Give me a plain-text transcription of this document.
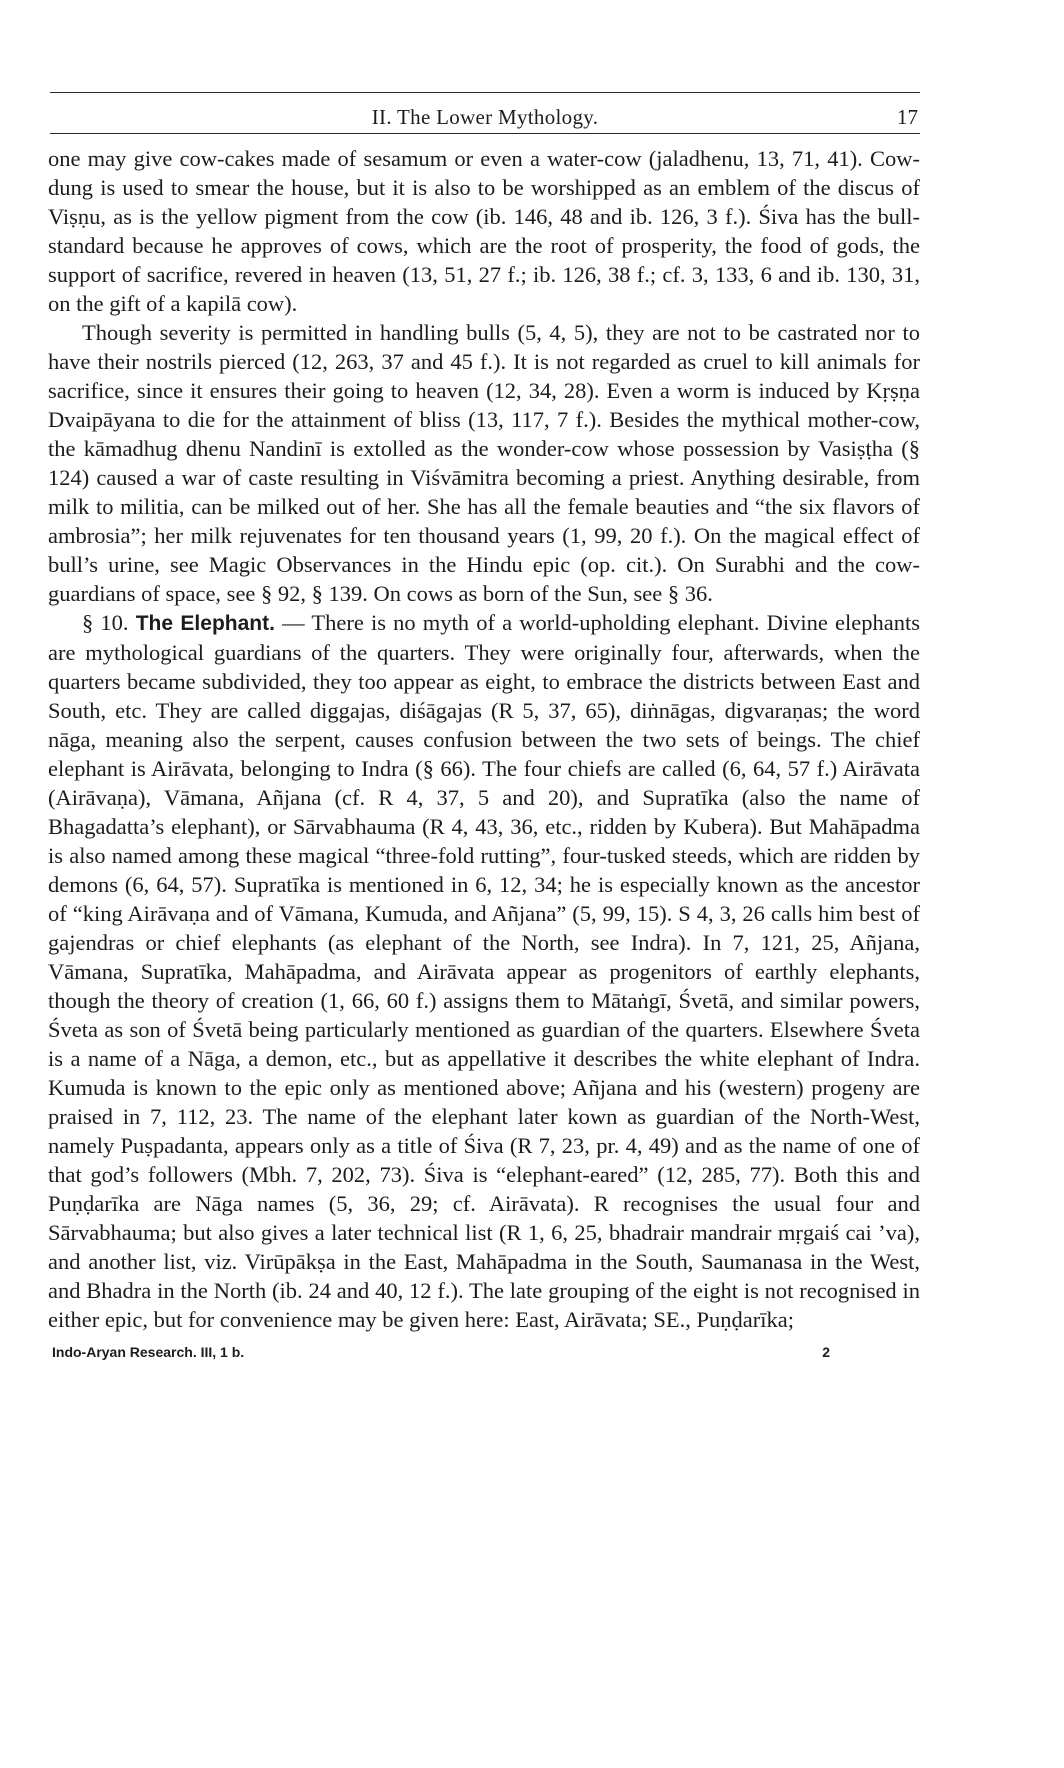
II. The Lower Mythology.	17

one may give cow-cakes made of sesamum or even a water-cow (jaladhenu, 13, 71, 41). Cow-dung is used to smear the house, but it is also to be worshipped as an emblem of the discus of Viṣṇu, as is the yellow pigment from the cow (ib. 146, 48 and ib. 126, 3 f.). Śiva has the bull-standard because he approves of cows, which are the root of prosperity, the food of gods, the support of sacrifice, revered in heaven (13, 51, 27 f.; ib. 126, 38 f.; cf. 3, 133, 6 and ib. 130, 31, on the gift of a kapilā cow).

Though severity is permitted in handling bulls (5, 4, 5), they are not to be castrated nor to have their nostrils pierced (12, 263, 37 and 45 f.). It is not regarded as cruel to kill animals for sacrifice, since it ensures their going to heaven (12, 34, 28). Even a worm is induced by Kṛṣṇa Dvaipāyana to die for the attainment of bliss (13, 117, 7 f.). Besides the mythical mother-cow, the kāmadhug dhenu Nandinī is extolled as the wonder-cow whose possession by Vasiṣṭha (§ 124) caused a war of caste resulting in Viśvāmitra becoming a priest. Anything desirable, from milk to militia, can be milked out of her. She has all the female beauties and “the six flavors of ambrosia”; her milk rejuvenates for ten thousand years (1, 99, 20 f.). On the magical effect of bull’s urine, see Magic Observances in the Hindu epic (op. cit.). On Surabhi and the cow-guardians of space, see § 92, § 139. On cows as born of the Sun, see § 36.

§ 10. The Elephant. — There is no myth of a world-upholding elephant. Divine elephants are mythological guardians of the quarters. They were originally four, afterwards, when the quarters became subdivided, they too appear as eight, to embrace the districts between East and South, etc. They are called diggajas, diśāgajas (R 5, 37, 65), diṅnāgas, digvaraṇas; the word nāga, meaning also the serpent, causes confusion between the two sets of beings. The chief elephant is Airāvata, belonging to Indra (§ 66). The four chiefs are called (6, 64, 57 f.) Airāvata (Airāvaṇa), Vāmana, Añjana (cf. R 4, 37, 5 and 20), and Supratīka (also the name of Bhagadatta’s elephant), or Sārvabhauma (R 4, 43, 36, etc., ridden by Kubera). But Mahāpadma is also named among these magical “three-fold rutting”, four-tusked steeds, which are ridden by demons (6, 64, 57). Supratīka is mentioned in 6, 12, 34; he is especially known as the ancestor of “king Airāvaṇa and of Vāmana, Kumuda, and Añjana” (5, 99, 15). S 4, 3, 26 calls him best of gajendras or chief elephants (as elephant of the North, see Indra). In 7, 121, 25, Añjana, Vāmana, Supratīka, Mahāpadma, and Airāvata appear as progenitors of earthly elephants, though the theory of creation (1, 66, 60 f.) assigns them to Mātaṅgī, Śvetā, and similar powers, Śveta as son of Śvetā being particularly mentioned as guardian of the quarters. Elsewhere Śveta is a name of a Nāga, a demon, etc., but as appellative it describes the white elephant of Indra. Kumuda is known to the epic only as mentioned above; Añjana and his (western) progeny are praised in 7, 112, 23. The name of the elephant later kown as guardian of the North-West, namely Puṣpadanta, appears only as a title of Śiva (R 7, 23, pr. 4, 49) and as the name of one of that god’s followers (Mbh. 7, 202, 73). Śiva is “elephant-eared” (12, 285, 77). Both this and Puṇḍarīka are Nāga names (5, 36, 29; cf. Airāvata). R recognises the usual four and Sārvabhauma; but also gives a later technical list (R 1, 6, 25, bhadrair mandrair mṛgaiś cai ’va), and another list, viz. Virūpākṣa in the East, Mahāpadma in the South, Saumanasa in the West, and Bhadra in the North (ib. 24 and 40, 12 f.). The late grouping of the eight is not recognised in either epic, but for convenience may be given here: East, Airāvata; SE., Puṇḍarīka;

Indo-Aryan Research. III, 1 b.	2
